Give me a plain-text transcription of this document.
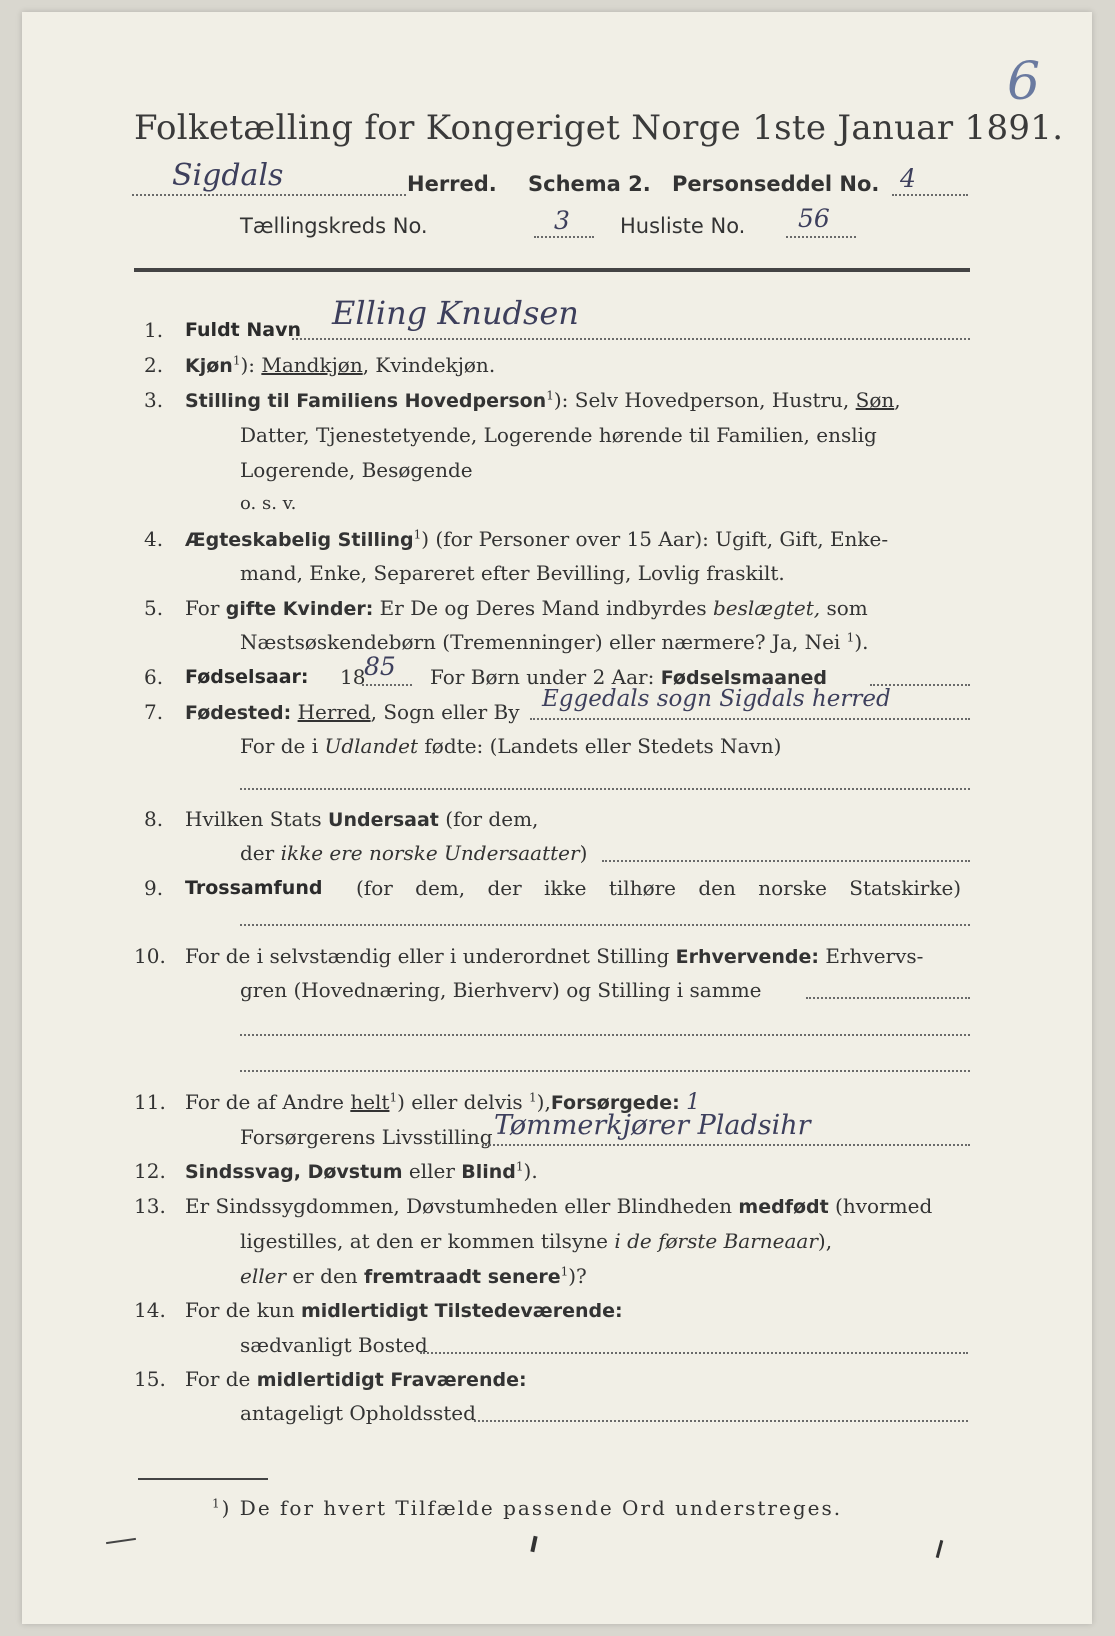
Folketælling for Kongeriget Norge 1ste Januar 1891.
6
Sigdals	Herred. Schema 2. Personseddel No. 4
Tællingskreds No.	3 Husliste No. 56
1. Fuldt Navn Elling Knudsen
2. Kjøn$^1$): Mandkjøn, Kvindekjøn.
3. Stilling til Familiens Hovedperson$^1$): Selv Hovedperson, Hustru, Søn,
Datter, Tjenestetyende, Logerende hørende til Familien, enslig
Logerende, Besøgende
o. s. v.
4. Ægteskabelig Stilling$^1$) (for Personer over 15 Aar): Ugift, Gift, Enke-
mand, Enke, Separeret efter Bevilling, Lovlig fraskilt.
5. For gifte Kvinder: Er De og Deres Mand indbyrdes beslægtet, som
Næstsøskendebørn (Tremenninger) eller nærmere? Ja, Nei $^1$).
6. Fødselsaar: 18
85 For Børn under 2 Aar: Fødselsmaaned
7. Fødested: Herred, Sogn eller By Eggedals sogn Sigdals herred
For de i Udlandet fødte: (Landets eller Stedets Navn)
8. Hvilken Stats Undersaat (for dem,
der ikke ere norske Undersaatter)
9. Trossamfund (for dem, der ikke tilhøre den norske Statskirke)
10. For de i selvstændig eller i underordnet Stilling Erhvervende: Erhvervs-
gren (Hovednæring, Bierhverv) og Stilling i samme
11. For de af Andre helt$^1$) eller delvis $^1$),Forsørgede: 1
Forsørgerens Livsstilling Tømmerkjører Pladsihr
12. Sindssvag, Døvstum eller Blind$^1$).
13. Er Sindssygdommen, Døvstumheden eller Blindheden medfødt (hvormed
ligestilles, at den er kommen tilsyne i de første Barneaar),
eller er den fremtraadt senere$^1$)?
14. For de kun midlertidigt Tilstedeværende:
sædvanligt Bosted
15. For de midlertidigt Fraværende:
antageligt Opholdssted
$^1$) De for hvert Tilfælde passende Ord understreges.
